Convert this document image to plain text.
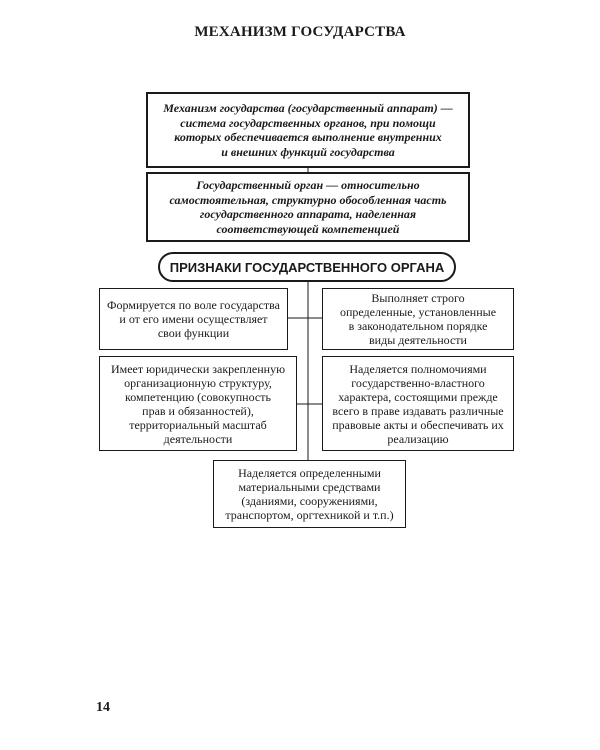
МЕХАНИЗМ ГОСУДАРСТВА
Механизм государства (государственный аппарат) —
система государственных органов, при помощи
которых обеспечивается выполнение внутренних
и внешних функций государства
Государственный орган — относительно
самостоятельная, структурно обособленная часть
государственного аппарата, наделенная
соответствующей компетенцией
ПРИЗНАКИ ГОСУДАРСТВЕННОГО ОРГАНА
Формируется по воле государства
и от его имени осуществляет
свои функции
Выполняет строго
определенные, установленные
в законодательном порядке
виды деятельности
Имеет юридически закрепленную
организационную структуру,
компетенцию (совокупность
прав и обязанностей),
территориальный масштаб
деятельности
Наделяется полномочиями
государственно-властного
характера, состоящими прежде
всего в праве издавать различные
правовые акты и обеспечивать их
реализацию
Наделяется определенными
материальными средствами
(зданиями, сооружениями,
транспортом, оргтехникой и т.п.)
14
